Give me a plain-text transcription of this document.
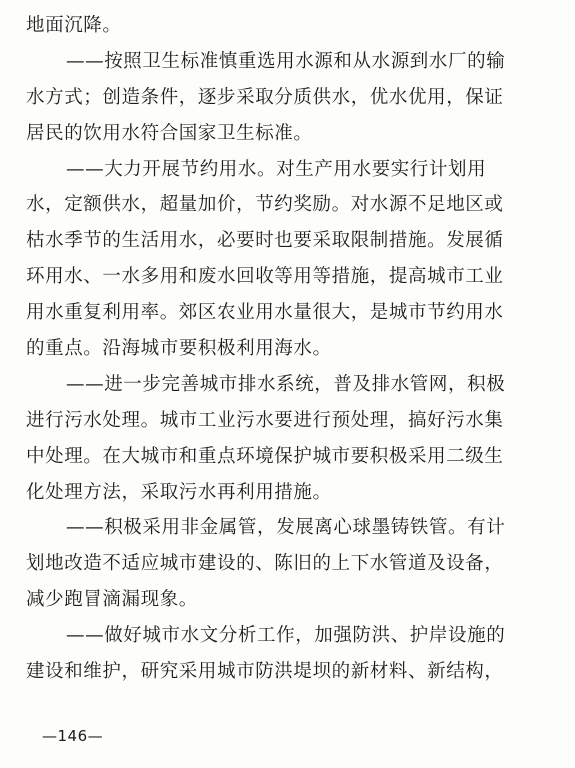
地面沉降。
——按照卫生标准慎重选用水源和从水源到水厂的输
水方式；创造条件，逐步采取分质供水，优水优用，保证
居民的饮用水符合国家卫生标准。
——大力开展节约用水。对生产用水要实行计划用
水，定额供水，超量加价，节约奖励。对水源不足地区或
枯水季节的生活用水，必要时也要采取限制措施。发展循
环用水、一水多用和废水回收等用等措施，提高城市工业
用水重复利用率。郊区农业用水量很大，是城市节约用水
的重点。沿海城市要积极利用海水。
——进一步完善城市排水系统，普及排水管网，积极
进行污水处理。城市工业污水要进行预处理，搞好污水集
中处理。在大城市和重点环境保护城市要积极采用二级生
化处理方法，采取污水再利用措施。
——积极采用非金属管，发展离心球墨铸铁管。有计
划地改造不适应城市建设的、陈旧的上下水管道及设备，
减少跑冒滴漏现象。
——做好城市水文分析工作，加强防洪、护岸设施的
建设和维护，研究采用城市防洪堤坝的新材料、新结构，
—146—
